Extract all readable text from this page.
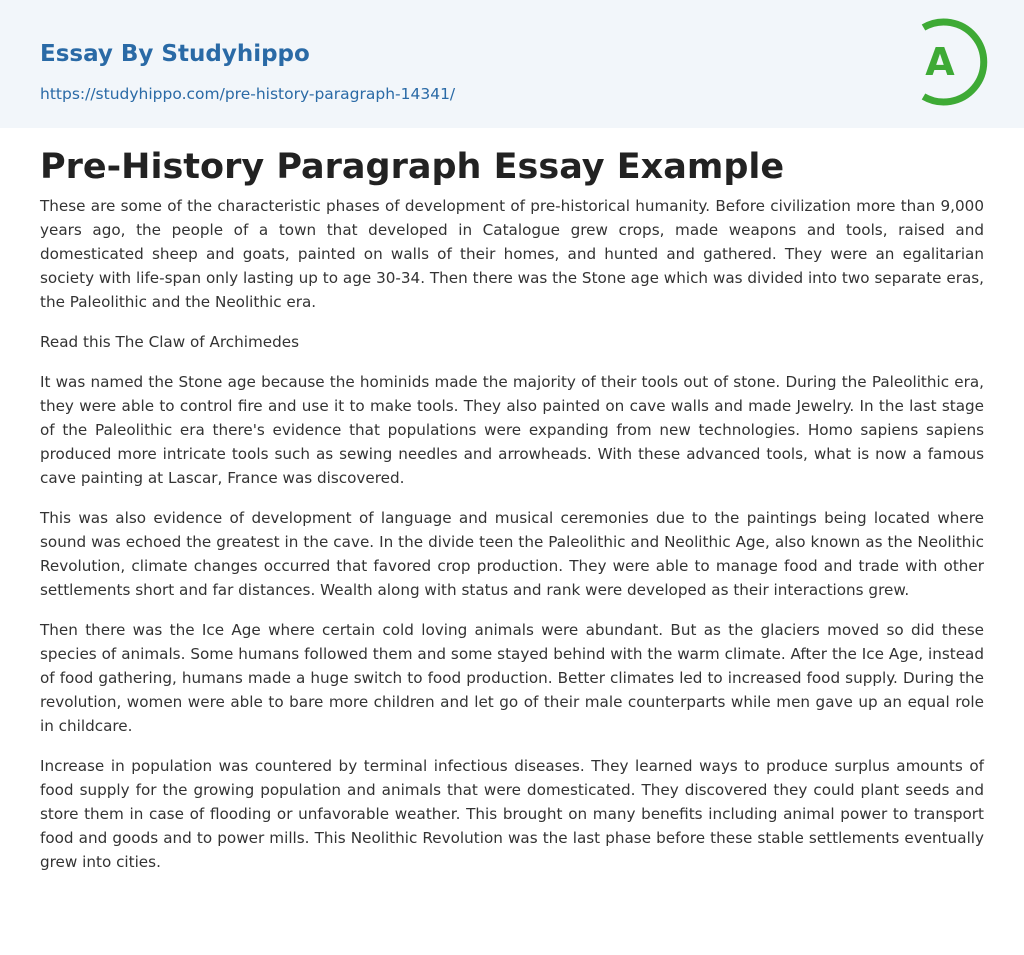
Essay By Studyhippo
https://studyhippo.com/pre-history-paragraph-14341/
A
Pre-History Paragraph Essay Example

These are some of the characteristic phases of development of pre-historical humanity. Before civilization more than 9,000 years ago, the people of a town that developed in Catalogue grew crops, made weapons and tools, raised and domesticated sheep and goats, painted on walls of their homes, and hunted and gathered. They were an egalitarian society with life-span only lasting up to age 30-34. Then there was the Stone age which was divided into two separate eras, the Paleolithic and the Neolithic era.

Read this The Claw of Archimedes

It was named the Stone age because the hominids made the majority of their tools out of stone. During the Paleolithic era, they were able to control fire and use it to make tools. They also painted on cave walls and made Jewelry. In the last stage of the Paleolithic era there's evidence that populations were expanding from new technologies. Homo sapiens sapiens produced more intricate tools such as sewing needles and arrowheads. With these advanced tools, what is now a famous cave painting at Lascar, France was discovered.

This was also evidence of development of language and musical ceremonies due to the paintings being located where sound was echoed the greatest in the cave. In the divide teen the Paleolithic and Neolithic Age, also known as the Neolithic Revolution, climate changes occurred that favored crop production. They were able to manage food and trade with other settlements short and far distances. Wealth along with status and rank were developed as their interactions grew.

Then there was the Ice Age where certain cold loving animals were abundant. But as the glaciers moved so did these species of animals. Some humans followed them and some stayed behind with the warm climate. After the Ice Age, instead of food gathering, humans made a huge switch to food production. Better climates led to increased food supply. During the revolution, women were able to bare more children and let go of their male counterparts while men gave up an equal role in childcare.

Increase in population was countered by terminal infectious diseases. They learned ways to produce surplus amounts of food supply for the growing population and animals that were domesticated. They discovered they could plant seeds and store them in case of flooding or unfavorable weather. This brought on many benefits including animal power to transport food and goods and to power mills. This Neolithic Revolution was the last phase before these stable settlements eventually grew into cities.
